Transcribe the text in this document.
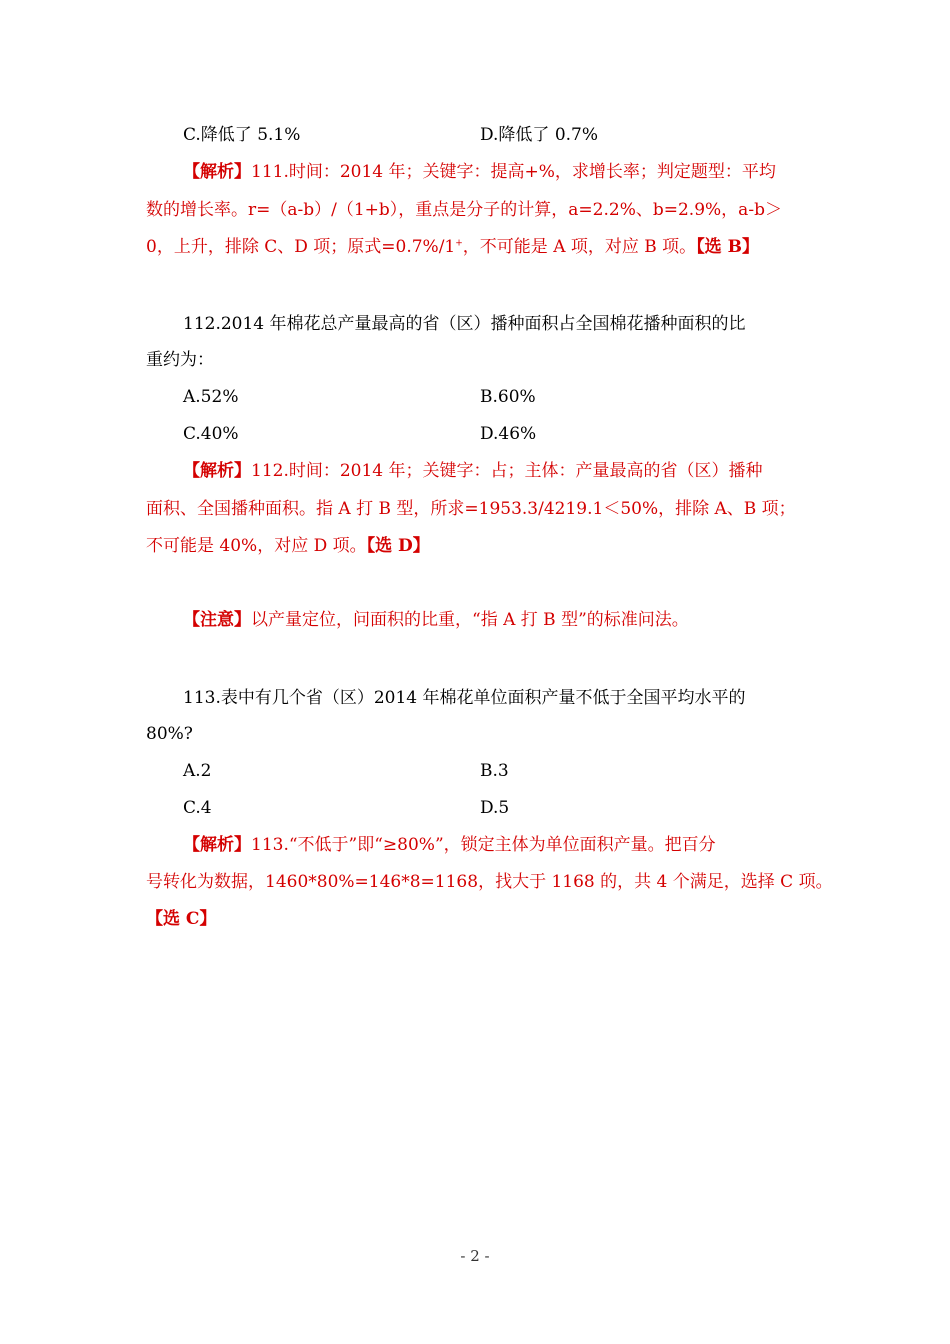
C.降低了 5.1%	D.降低了 0.7%
【解析】111.时间：2014 年；关键字：提高+%，求增长率；判定题型：平均
数的增长率。r=（a-b）/（1+b），重点是分子的计算，a=2.2%、b=2.9%，a-b＞
0，上升，排除 C、D 项；原式=0.7%/1+，不可能是 A 项，对应 B 项。【选 B】
112.2014 年棉花总产量最高的省（区）播种面积占全国棉花播种面积的比
重约为：
A.52%	B.60%
C.40%	D.46%
【解析】112.时间：2014 年；关键字：占；主体：产量最高的省（区）播种
面积、全国播种面积。指 A 打 B 型，所求=1953.3/4219.1＜50%，排除 A、B 项；
不可能是 40%，对应 D 项。【选 D】
【注意】以产量定位，问面积的比重，“指 A 打 B 型”的标准问法。
113.表中有几个省（区）2014 年棉花单位面积产量不低于全国平均水平的
80%?
A.2	B.3
C.4	D.5
【解析】113.“不低于”即“≥80%”，锁定主体为单位面积产量。把百分
号转化为数据，1460*80%=146*8=1168，找大于 1168 的，共 4 个满足，选择 C 项。
【选 C】
- 2 -
